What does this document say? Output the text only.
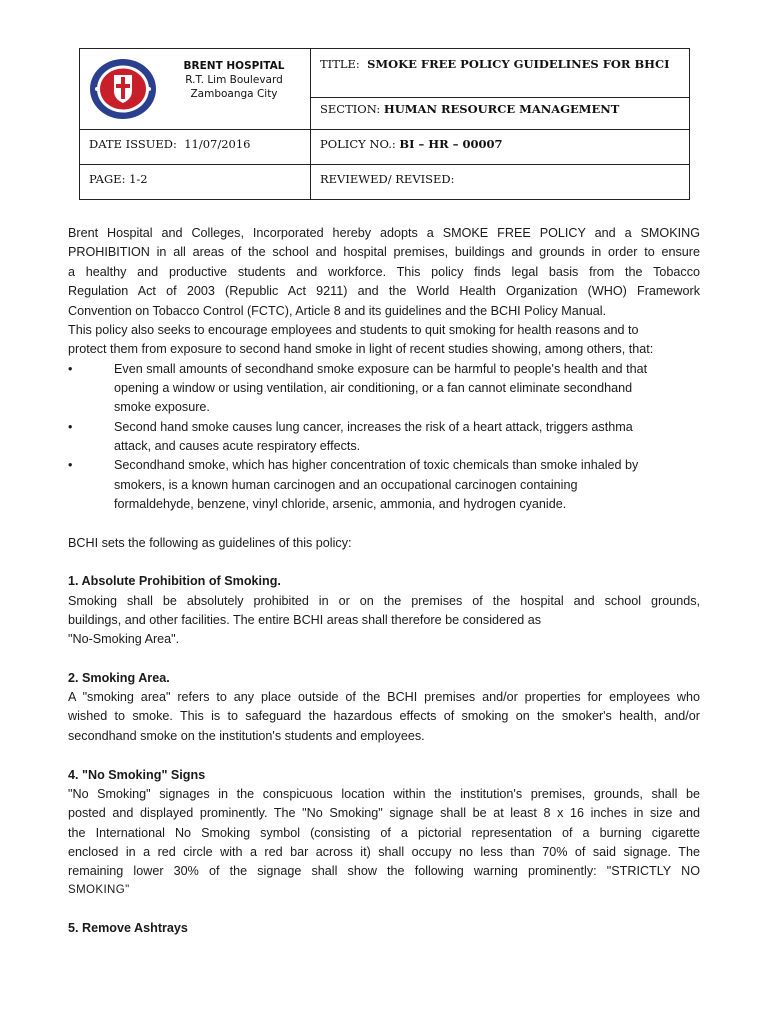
BRENT HOSPITAL
R.T. Lim Boulevard
Zamboanga City
TITLE: SMOKE FREE POLICY GUIDELINES FOR BHCI
SECTION: HUMAN RESOURCE MANAGEMENT
DATE ISSUED: 11/07/2016	POLICY NO.: BI – HR – 00007
PAGE: 1-2	REVIEWED/ REVISED:
Brent Hospital and Colleges, Incorporated hereby adopts a SMOKE FREE POLICY and a SMOKING
PROHIBITION in all areas of the school and hospital premises, buildings and grounds in order to ensure
a healthy and productive students and workforce. This policy finds legal basis from the Tobacco
Regulation Act of 2003 (Republic Act 9211) and the World Health Organization (WHO) Framework
Convention on Tobacco Control (FCTC), Article 8 and its guidelines and the BCHI Policy Manual.
This policy also seeks to encourage employees and students to quit smoking for health reasons and to
protect them from exposure to second hand smoke in light of recent studies showing, among others, that:
•	Even small amounts of secondhand smoke exposure can be harmful to people's health and that
opening a window or using ventilation, air conditioning, or a fan cannot eliminate secondhand
smoke exposure.
•	Second hand smoke causes lung cancer, increases the risk of a heart attack, triggers asthma
attack, and causes acute respiratory effects.
•	Secondhand smoke, which has higher concentration of toxic chemicals than smoke inhaled by
smokers, is a known human carcinogen and an occupational carcinogen containing
formaldehyde, benzene, vinyl chloride, arsenic, ammonia, and hydrogen cyanide.
BCHI sets the following as guidelines of this policy:
1. Absolute Prohibition of Smoking.
Smoking shall be absolutely prohibited in or on the premises of the hospital and school grounds,
buildings, and other facilities. The entire BCHI areas shall therefore be considered as
"No-Smoking Area".
2. Smoking Area.
A "smoking area" refers to any place outside of the BCHI premises and/or properties for employees who
wished to smoke. This is to safeguard the hazardous effects of smoking on the smoker's health, and/or
secondhand smoke on the institution's students and employees.
4. "No Smoking" Signs
"No Smoking" signages in the conspicuous location within the institution's premises, grounds, shall be
posted and displayed prominently. The "No Smoking" signage shall be at least 8 x 16 inches in size and
the International No Smoking symbol (consisting of a pictorial representation of a burning cigarette
enclosed in a red circle with a red bar across it) shall occupy no less than 70% of said signage. The
remaining lower 30% of the signage shall show the following warning prominently: "STRICTLY NO
SMOKING"
5. Remove Ashtrays
